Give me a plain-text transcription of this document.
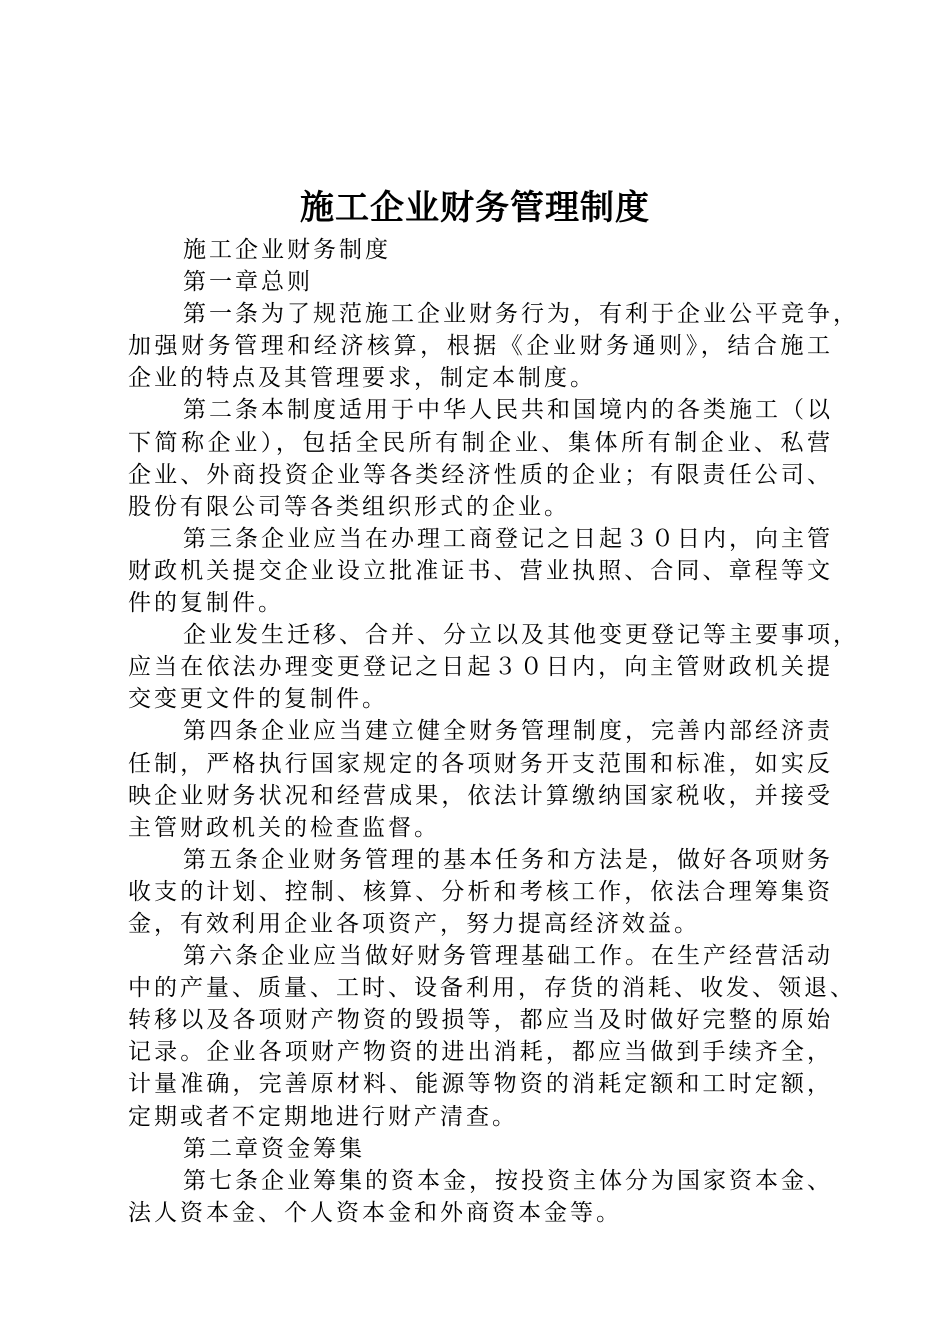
施工企业财务管理制度
施工企业财务制度
第一章总则
第一条为了规范施工企业财务行为，有利于企业公平竞争，
加强财务管理和经济核算，根据《企业财务通则》，结合施工
企业的特点及其管理要求，制定本制度。
第二条本制度适用于中华人民共和国境内的各类施工（以
下简称企业），包括全民所有制企业、集体所有制企业、私营
企业、外商投资企业等各类经济性质的企业；有限责任公司、
股份有限公司等各类组织形式的企业。
第三条企业应当在办理工商登记之日起３０日内，向主管
财政机关提交企业设立批准证书、营业执照、合同、章程等文
件的复制件。
企业发生迁移、合并、分立以及其他变更登记等主要事项，
应当在依法办理变更登记之日起３０日内，向主管财政机关提
交变更文件的复制件。
第四条企业应当建立健全财务管理制度，完善内部经济责
任制，严格执行国家规定的各项财务开支范围和标准，如实反
映企业财务状况和经营成果，依法计算缴纳国家税收，并接受
主管财政机关的检查监督。
第五条企业财务管理的基本任务和方法是，做好各项财务
收支的计划、控制、核算、分析和考核工作，依法合理筹集资
金，有效利用企业各项资产，努力提高经济效益。
第六条企业应当做好财务管理基础工作。在生产经营活动
中的产量、质量、工时、设备利用，存货的消耗、收发、领退、
转移以及各项财产物资的毁损等，都应当及时做好完整的原始
记录。企业各项财产物资的进出消耗，都应当做到手续齐全，
计量准确，完善原材料、能源等物资的消耗定额和工时定额，
定期或者不定期地进行财产清查。
第二章资金筹集
第七条企业筹集的资本金，按投资主体分为国家资本金、
法人资本金、个人资本金和外商资本金等。
